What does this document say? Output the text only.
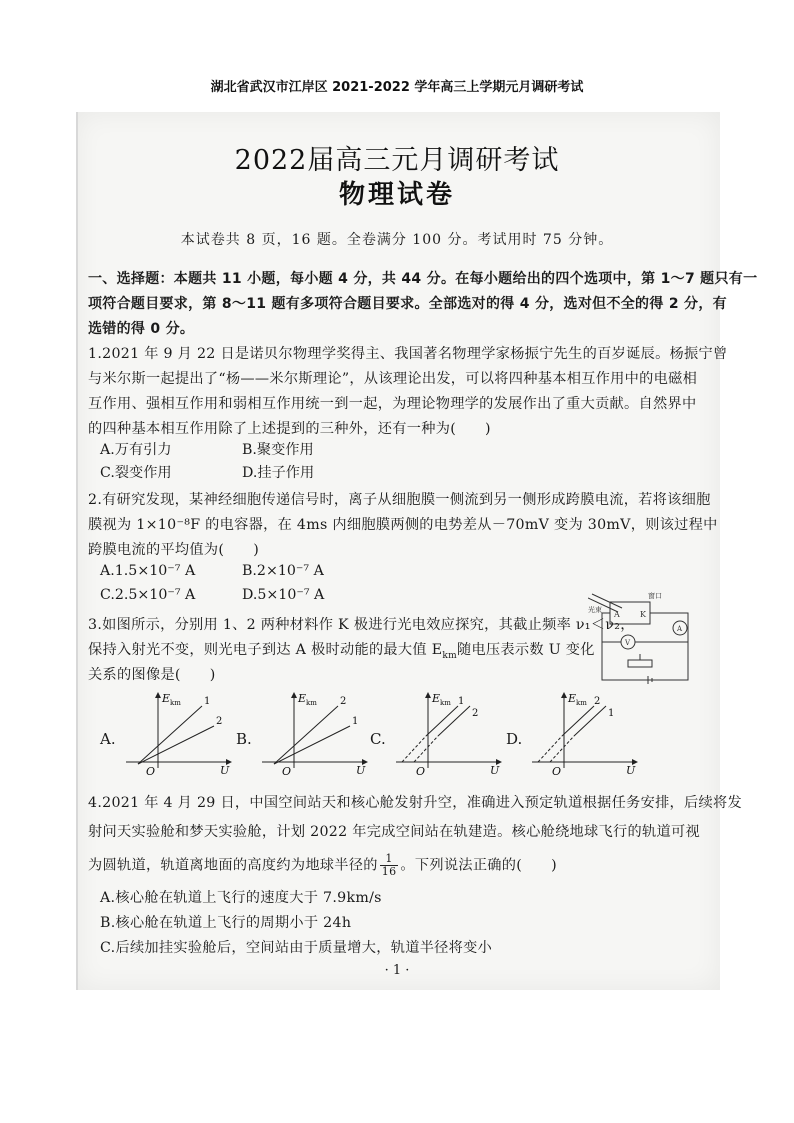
湖北省武汉市江岸区 2021-2022 学年高三上学期元月调研考试
2022届高三元月调研考试
物理试卷
本试卷共 8 页，16 题。全卷满分 100 分。考试用时 75 分钟。
一、选择题：本题共 11 小题，每小题 4 分，共 44 分。在每小题给出的四个选项中，第 1～7 题只有一
项符合题目要求，第 8～11 题有多项符合题目要求。全部选对的得 4 分，选对但不全的得 2 分，有
选错的得 0 分。
1.2021 年 9 月 22 日是诺贝尔物理学奖得主、我国著名物理学家杨振宁先生的百岁诞辰。杨振宁曾
与米尔斯一起提出了“杨——米尔斯理论”，从该理论出发，可以将四种基本相互作用中的电磁相
互作用、强相互作用和弱相互作用统一到一起，为理论物理学的发展作出了重大贡献。自然界中
的四种基本相互作用除了上述提到的三种外，还有一种为(　　)
A.万有引力	B.聚变作用
C.裂变作用	D.挂子作用
2.有研究发现，某神经细胞传递信号时，离子从细胞膜一侧流到另一侧形成跨膜电流，若将该细胞
膜视为 1×10⁻⁸F 的电容器，在 4ms 内细胞膜两侧的电势差从－70mV 变为 30mV，则该过程中
跨膜电流的平均值为(　　)
A.1.5×10⁻⁷ A	B.2×10⁻⁷ A
C.2.5×10⁻⁷ A	D.5×10⁻⁷ A
3.如图所示，分别用 1、2 两种材料作 K 极进行光电效应探究，其截止频率 ν₁＜ν₂，
保持入射光不变，则光电子到达 A 极时动能的最大值 $E_{km}$随电压表示数 U 变化
关系的图像是(　　)
光束
窗口
A	K
V
A
A.
E km
U
O
1
2
B.
E km
U
O
2
1
C.
E km
U
O
1
2
D.
E km
U
O
2
1
4.2021 年 4 月 29 日，中国空间站天和核心舱发射升空，准确进入预定轨道根据任务安排，后续将发
射问天实验舱和梦天实验舱，计划 2022 年完成空间站在轨建造。核心舱绕地球飞行的轨道可视
为圆轨道，轨道离地面的高度约为地球半径的 $\frac{1}{16}$ 。下列说法正确的(　　)
A.核心舱在轨道上飞行的速度大于 7.9km/s
B.核心舱在轨道上飞行的周期小于 24h
C.后续加挂实验舱后，空间站由于质量增大，轨道半径将变小
· 1 ·
